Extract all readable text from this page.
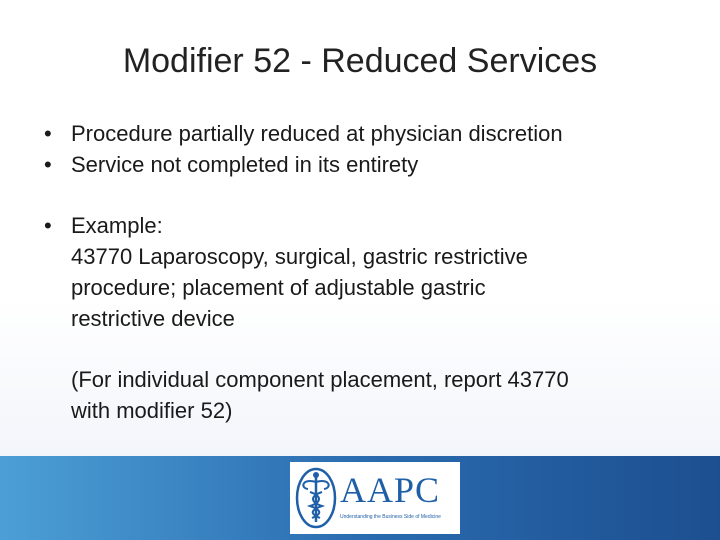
Modifier 52 - Reduced Services
• Procedure partially reduced at physician discretion
• Service not completed in its entirety
• Example:
43770 Laparoscopy, surgical, gastric restrictive
procedure; placement of adjustable gastric
restrictive device
(For individual component placement, report 43770
with modifier 52)
AAPC
Understanding the Business Side of Medicine
